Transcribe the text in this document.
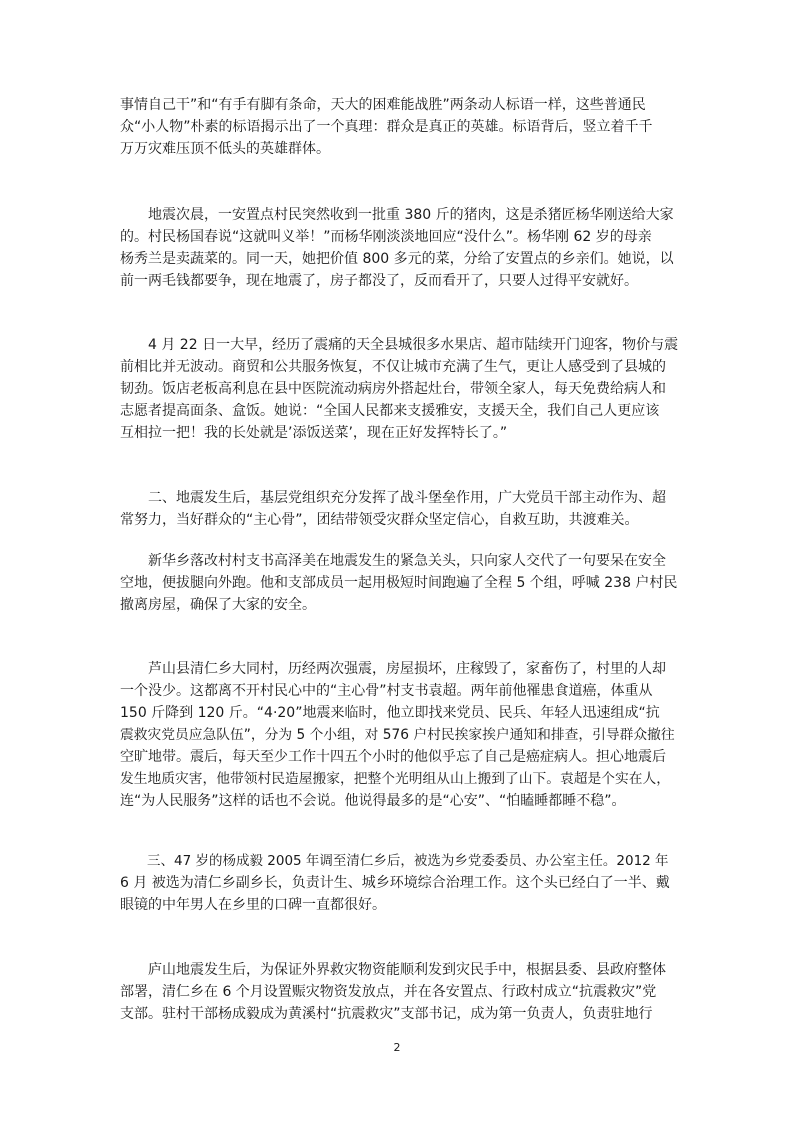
事情自己干”和“有手有脚有条命，天大的困难能战胜”两条动人标语一样，这些普通民
众“小人物”朴素的标语揭示出了一个真理：群众是真正的英雄。标语背后，竖立着千千
万万灾难压顶不低头的英雄群体。

　　地震次晨，一安置点村民突然收到一批重 380 斤的猪肉，这是杀猪匠杨华刚送给大家
的。村民杨国春说“这就叫义举！”而杨华刚淡淡地回应“没什么”。杨华刚 62 岁的母亲
杨秀兰是卖蔬菜的。同一天，她把价值 800 多元的菜，分给了安置点的乡亲们。她说，以
前一两毛钱都要争，现在地震了，房子都没了，反而看开了，只要人过得平安就好。

　　4 月 22 日一大早，经历了震痛的天全县城很多水果店、超市陆续开门迎客，物价与震
前相比并无波动。商贸和公共服务恢复，不仅让城市充满了生气，更让人感受到了县城的
韧劲。饭店老板高利息在县中医院流动病房外搭起灶台，带领全家人，每天免费给病人和
志愿者提高面条、盒饭。她说：“全国人民都来支援雅安，支援天全，我们自己人更应该
互相拉一把！我的长处就是’添饭送菜’，现在正好发挥特长了。”

　　二、地震发生后，基层党组织充分发挥了战斗堡垒作用，广大党员干部主动作为、超
常努力，当好群众的“主心骨”，团结带领受灾群众坚定信心，自救互助，共渡难关。

　　新华乡落改村村支书高泽美在地震发生的紧急关头，只向家人交代了一句要呆在安全
空地，便拔腿向外跑。他和支部成员一起用极短时间跑遍了全程 5 个组，呼喊 238 户村民
撤离房屋，确保了大家的安全。

　　芦山县清仁乡大同村，历经两次强震，房屋损坏，庄稼毁了，家畜伤了，村里的人却
一个没少。这都离不开村民心中的“主心骨”村支书袁超。两年前他罹患食道癌，体重从
150 斤降到 120 斤。“4·20”地震来临时，他立即找来党员、民兵、年轻人迅速组成“抗
震救灾党员应急队伍”，分为 5 个小组，对 576 户村民挨家挨户通知和排查，引导群众撤往
空旷地带。震后，每天至少工作十四五个小时的他似乎忘了自己是癌症病人。担心地震后
发生地质灾害，他带领村民造屋搬家，把整个光明组从山上搬到了山下。袁超是个实在人，
连“为人民服务”这样的话也不会说。他说得最多的是“心安”、“怕瞌睡都睡不稳”。

　　三、47 岁的杨成毅 2005 年调至清仁乡后，被选为乡党委委员、办公室主任。2012 年
6 月 被选为清仁乡副乡长，负责计生、城乡环境综合治理工作。这个头已经白了一半、戴
眼镜的中年男人在乡里的口碑一直都很好。

　　庐山地震发生后，为保证外界救灾物资能顺利发到灾民手中，根据县委、县政府整体
部署，清仁乡在 6 个月设置赈灾物资发放点，并在各安置点、行政村成立“抗震救灾”党
支部。驻村干部杨成毅成为黄溪村“抗震救灾”支部书记，成为第一负责人，负责驻地行

2
